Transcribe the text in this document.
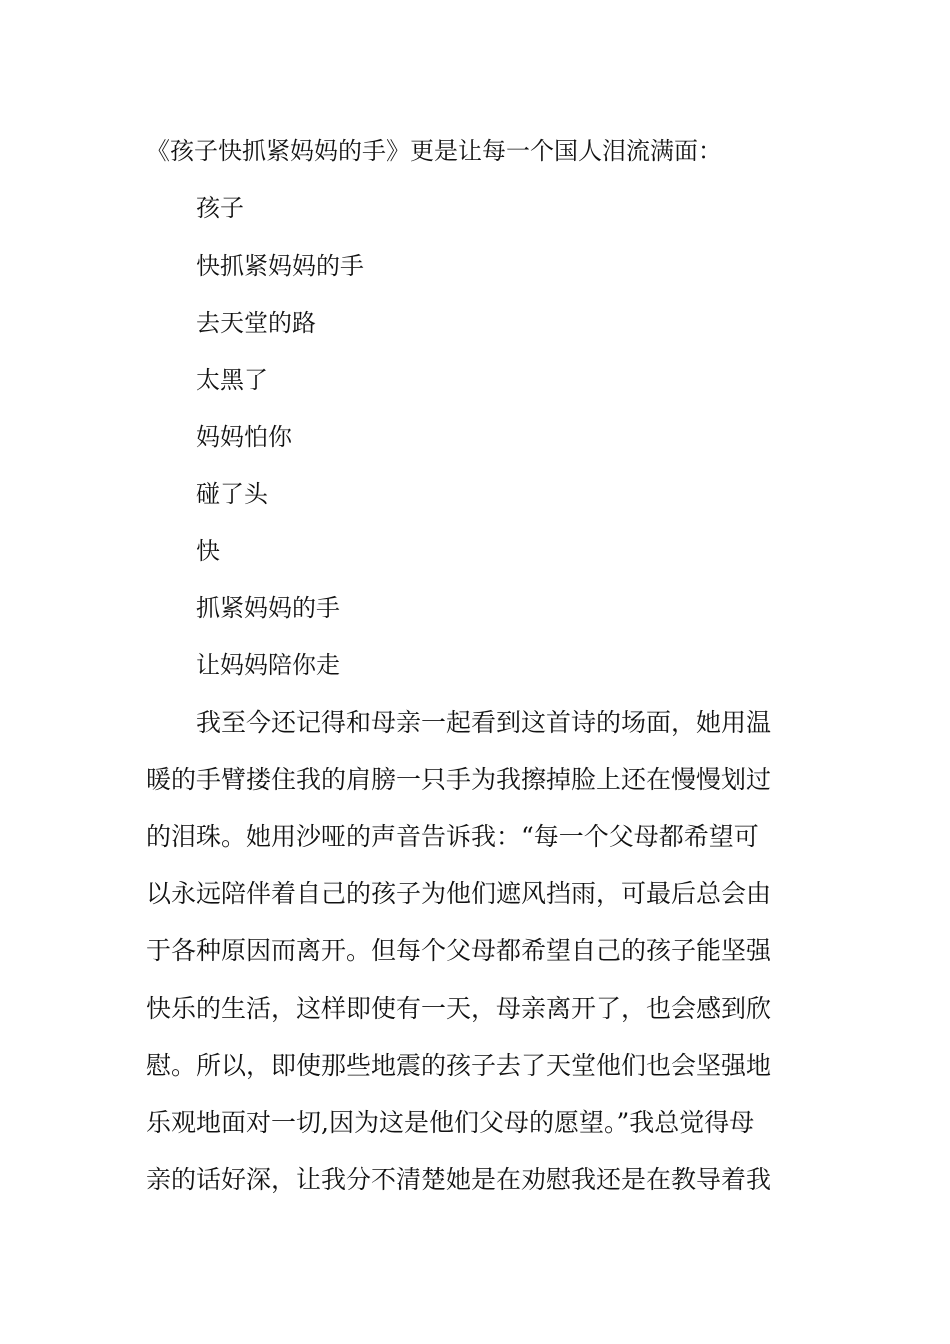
《孩子快抓紧妈妈的手》更是让每一个国人泪流满面：
孩子
快抓紧妈妈的手
去天堂的路
太黑了
妈妈怕你
碰了头
快
抓紧妈妈的手
让妈妈陪你走
我至今还记得和母亲一起看到这首诗的场面，她用温
暖的手臂搂住我的肩膀一只手为我擦掉脸上还在慢慢划过
的泪珠。她用沙哑的声音告诉我：“每一个父母都希望可
以永远陪伴着自己的孩子为他们遮风挡雨，可最后总会由
于各种原因而离开。但每个父母都希望自己的孩子能坚强
快乐的生活，这样即使有一天，母亲离开了，也会感到欣
慰。所以，即使那些地震的孩子去了天堂他们也会坚强地
乐观地面对一切,因为这是他们父母的愿望。”我总觉得母
亲的话好深，让我分不清楚她是在劝慰我还是在教导着我
